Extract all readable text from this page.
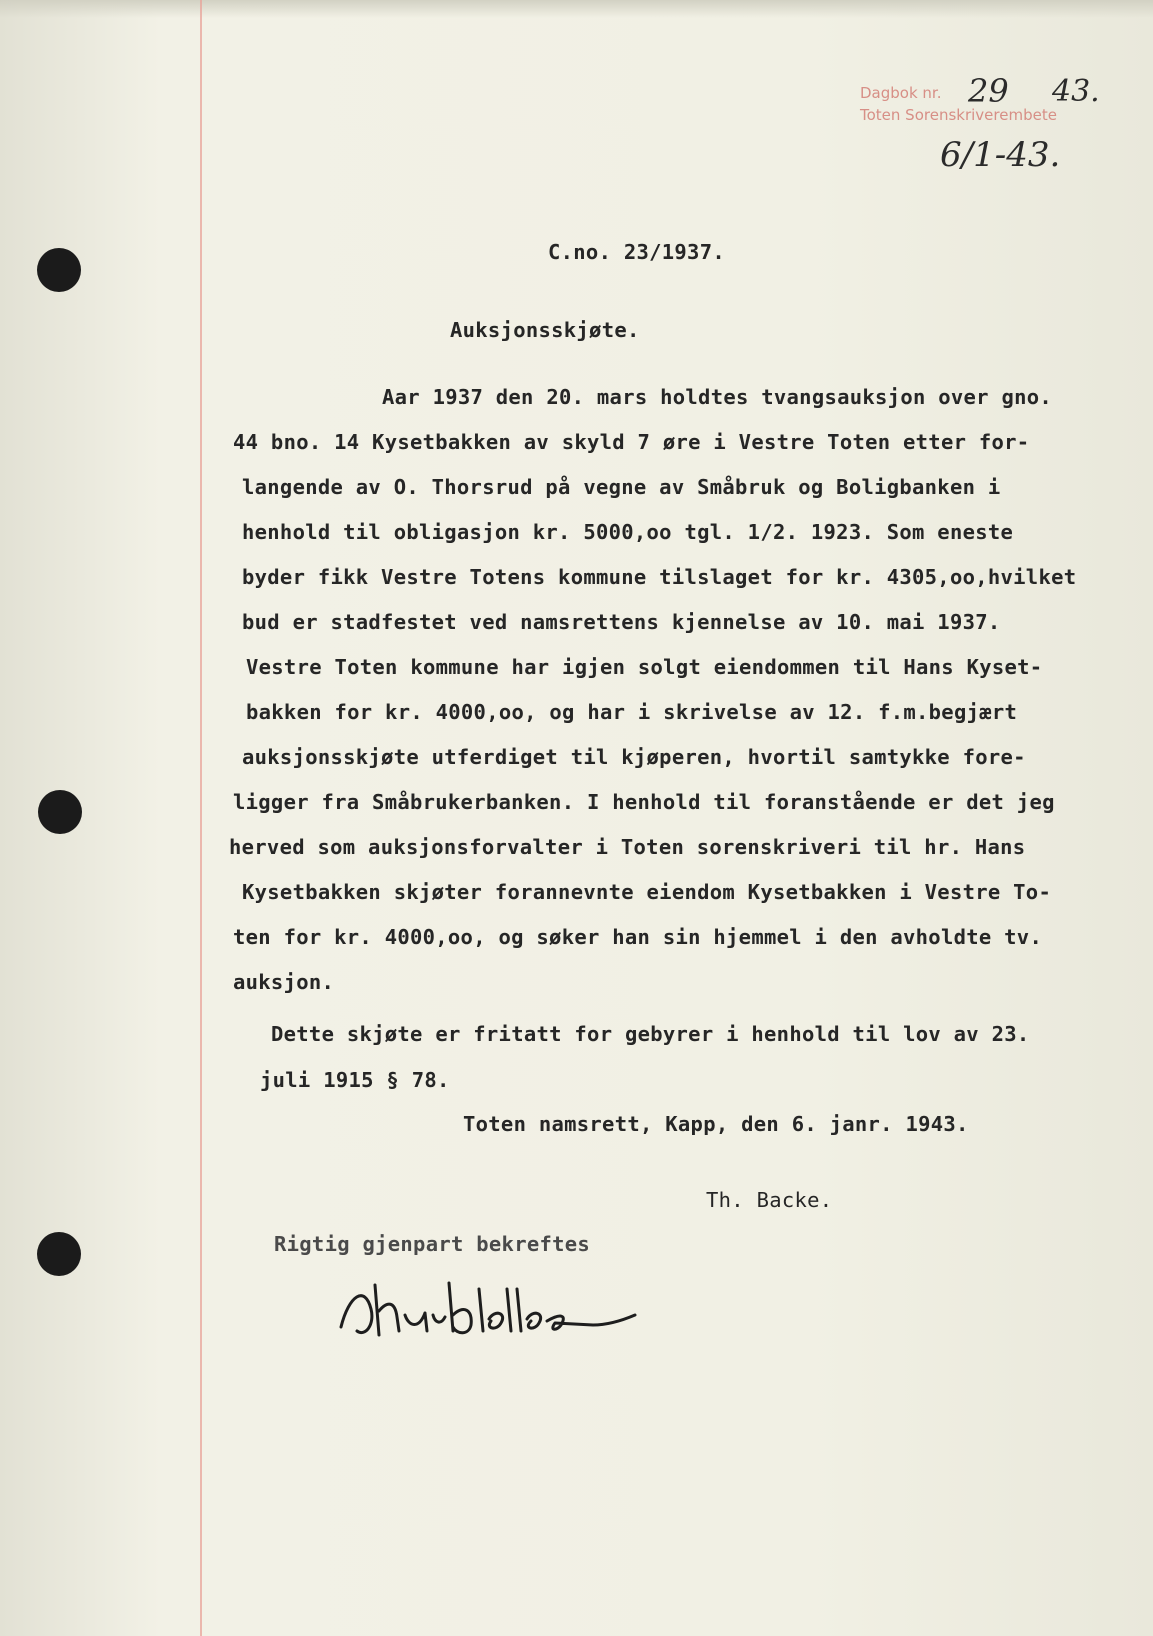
Dagbok nr.
Toten Sorenskriverembete
29 43.
6/1-43.
C.no. 23/1937.
Auksjonsskjøte.
Aar 1937 den 20. mars holdtes tvangsauksjon over gno.
44 bno. 14 Kysetbakken av skyld 7 øre i Vestre Toten etter for-
langende av O. Thorsrud på vegne av Småbruk og Boligbanken i
henhold til obligasjon kr. 5000,oo tgl. 1/2. 1923. Som eneste
byder fikk Vestre Totens kommune tilslaget for kr. 4305,oo,hvilket
bud er stadfestet ved namsrettens kjennelse av 10. mai 1937.
Vestre Toten kommune har igjen solgt eiendommen til Hans Kyset-
bakken for kr. 4000,oo, og har i skrivelse av 12. f.m.begjært
auksjonsskjøte utferdiget til kjøperen, hvortil samtykke fore-
ligger fra Småbrukerbanken. I henhold til foranstående er det jeg
herved som auksjonsforvalter i Toten sorenskriveri til hr. Hans
Kysetbakken skjøter forannevnte eiendom Kysetbakken i Vestre To-
ten for kr. 4000,oo, og søker han sin hjemmel i den avholdte tv.
auksjon.
Dette skjøte er fritatt for gebyrer i henhold til lov av 23.
juli 1915 § 78.
Toten namsrett, Kapp, den 6. janr. 1943.
Th. Backe.
Rigtig gjenpart bekreftes
